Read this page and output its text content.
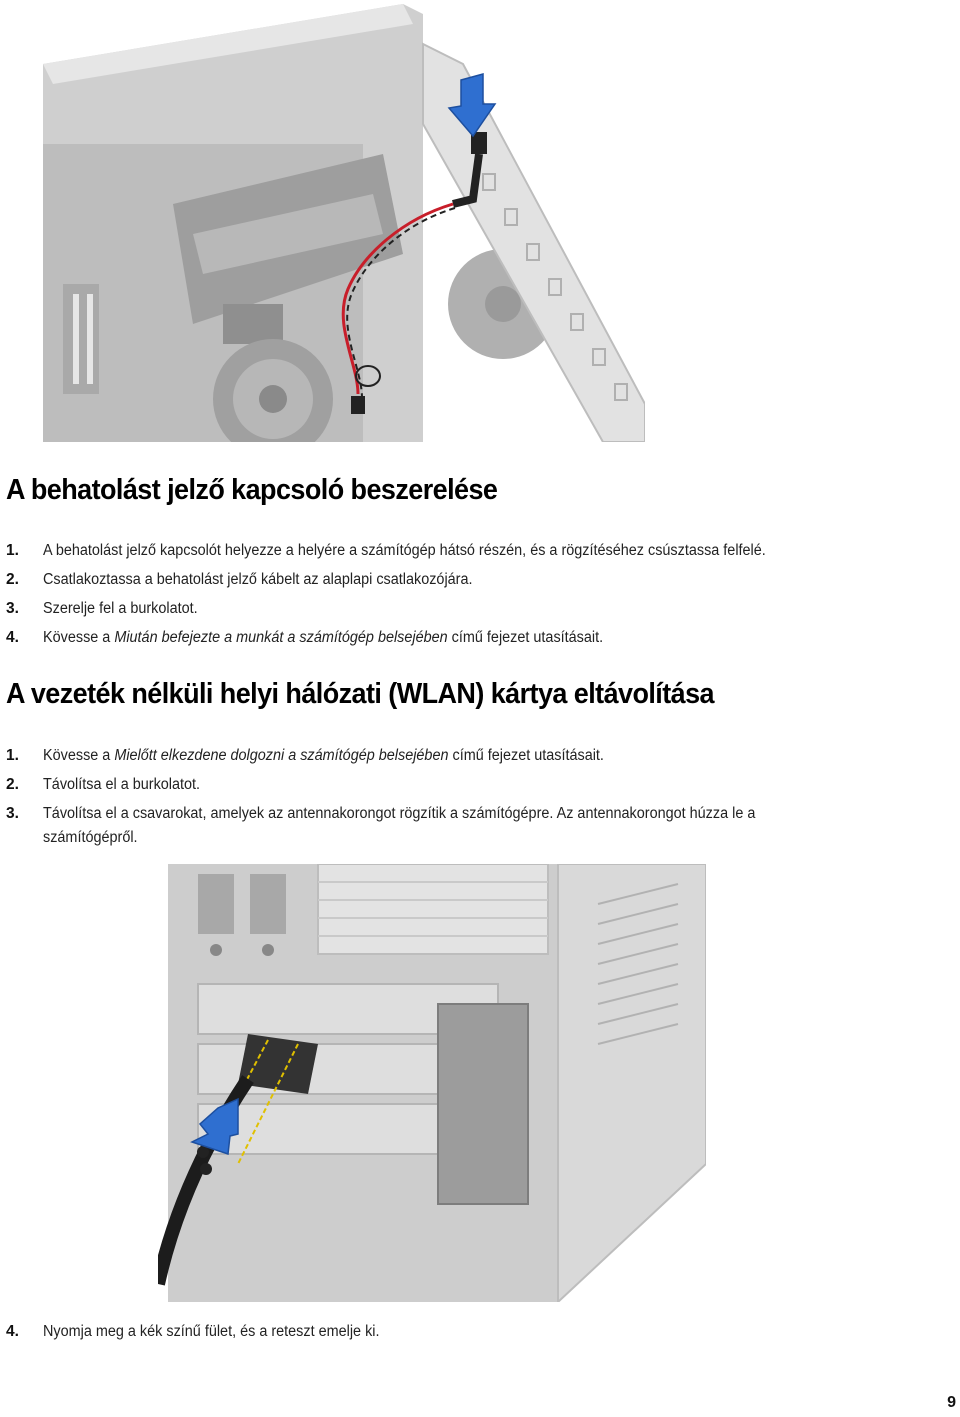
A behatolást jelző kapcsoló beszerelése
1. A behatolást jelző kapcsolót helyezze a helyére a számítógép hátsó részén, és a rögzítéséhez csúsztassa felfelé.
2. Csatlakoztassa a behatolást jelző kábelt az alaplapi csatlakozójára.
3. Szerelje fel a burkolatot.
4. Kövesse a Miután befejezte a munkát a számítógép belsejében című fejezet utasításait.
A vezeték nélküli helyi hálózati (WLAN) kártya eltávolítása
1. Kövesse a Mielőtt elkezdene dolgozni a számítógép belsejében című fejezet utasításait.
2. Távolítsa el a burkolatot.
3. Távolítsa el a csavarokat, amelyek az antennakorongot rögzítik a számítógépre. Az antennakorongot húzza le a számítógépről.
4. Nyomja meg a kék színű fület, és a reteszt emelje ki.
9
